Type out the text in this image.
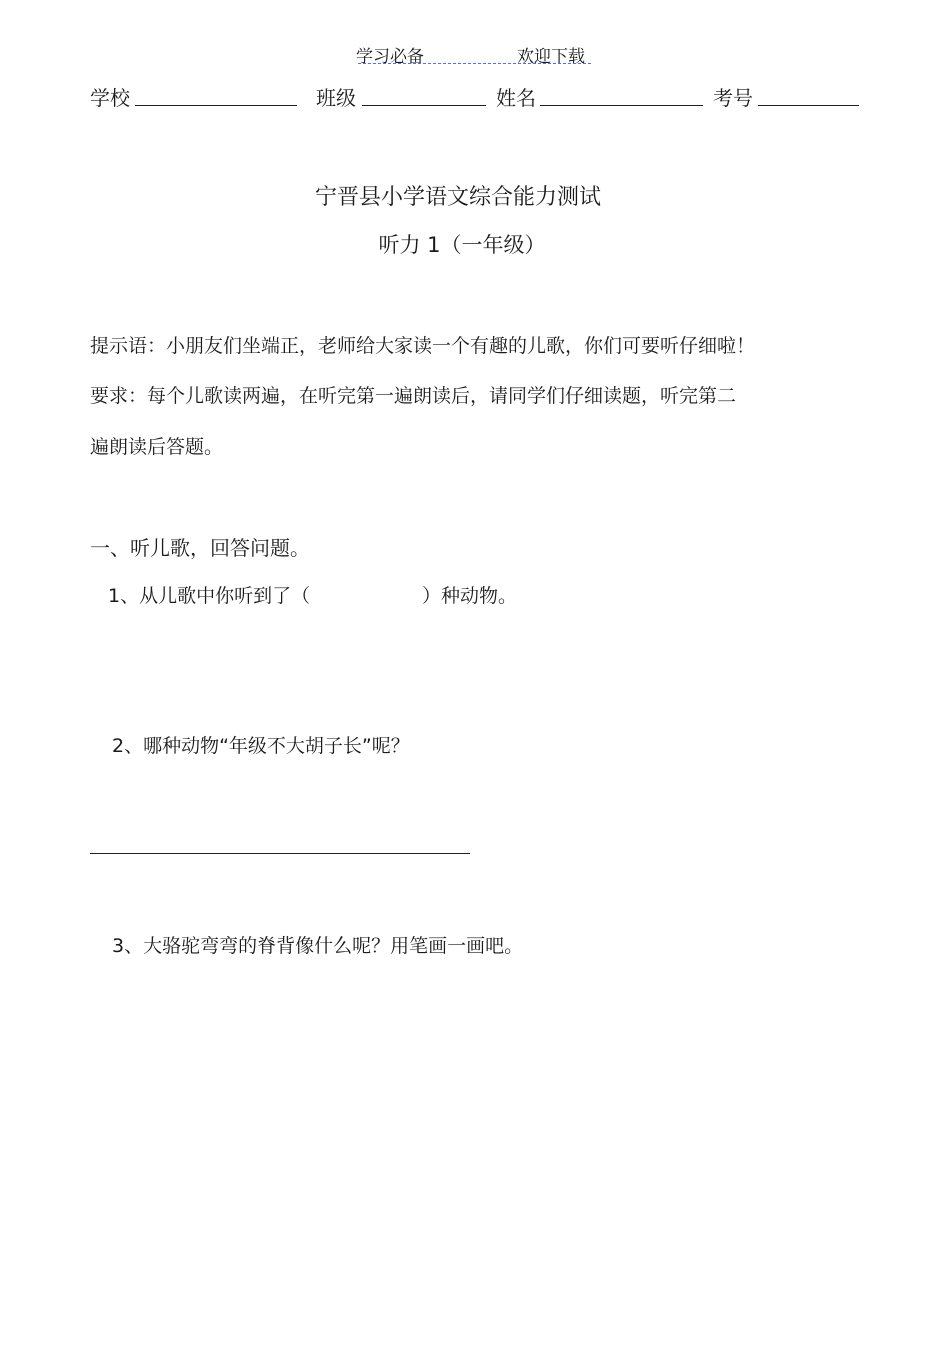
学习必备	欢迎下载
学校	班级	姓名	考号
宁晋县小学语文综合能力测试
听力 1（一年级）
提示语：小朋友们坐端正，老师给大家读一个有趣的儿歌，你们可要听仔细啦！
要求：每个儿歌读两遍，在听完第一遍朗读后，请同学们仔细读题，听完第二
遍朗读后答题。
一、听儿歌，回答问题。
1、从儿歌中你听到了（	）种动物。
2、哪种动物“年级不大胡子长”呢？
3、大骆驼弯弯的脊背像什么呢？用笔画一画吧。
